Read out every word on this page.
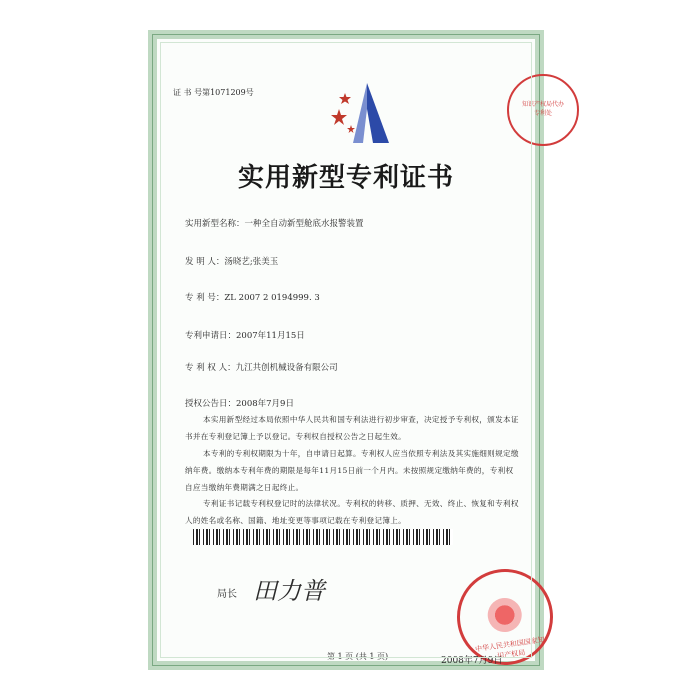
证 书 号第1071209号
知识产权局代办专利处
实用新型专利证书
实用新型名称：一种全自动新型舱底水报警装置
发 明 人：汤晓艺;张美玉
专 利 号：ZL 2007 2 0194999. 3
专利申请日：2007年11月15日
专 利 权 人：九江共创机械设备有限公司
授权公告日：2008年7月9日
本实用新型经过本局依照中华人民共和国专利法进行初步审查，决定授予专利权，颁发本证书并在专利登记簿上予以登记。专利权自授权公告之日起生效。
本专利的专利权期限为十年，自申请日起算。专利权人应当依照专利法及其实施细则规定缴纳年费。缴纳本专利年费的期限是每年11月15日前一个月内。未按照规定缴纳年费的，专利权自应当缴纳年费期满之日起终止。
专利证书记载专利权登记时的法律状况。专利权的转移、质押、无效、终止、恢复和专利权人的姓名或名称、国籍、地址变更等事项记载在专利登记簿上。
局长 田力普
中华人民共和国国家知识产权局
2008年7月9日
第 1 页 (共 1 页)
